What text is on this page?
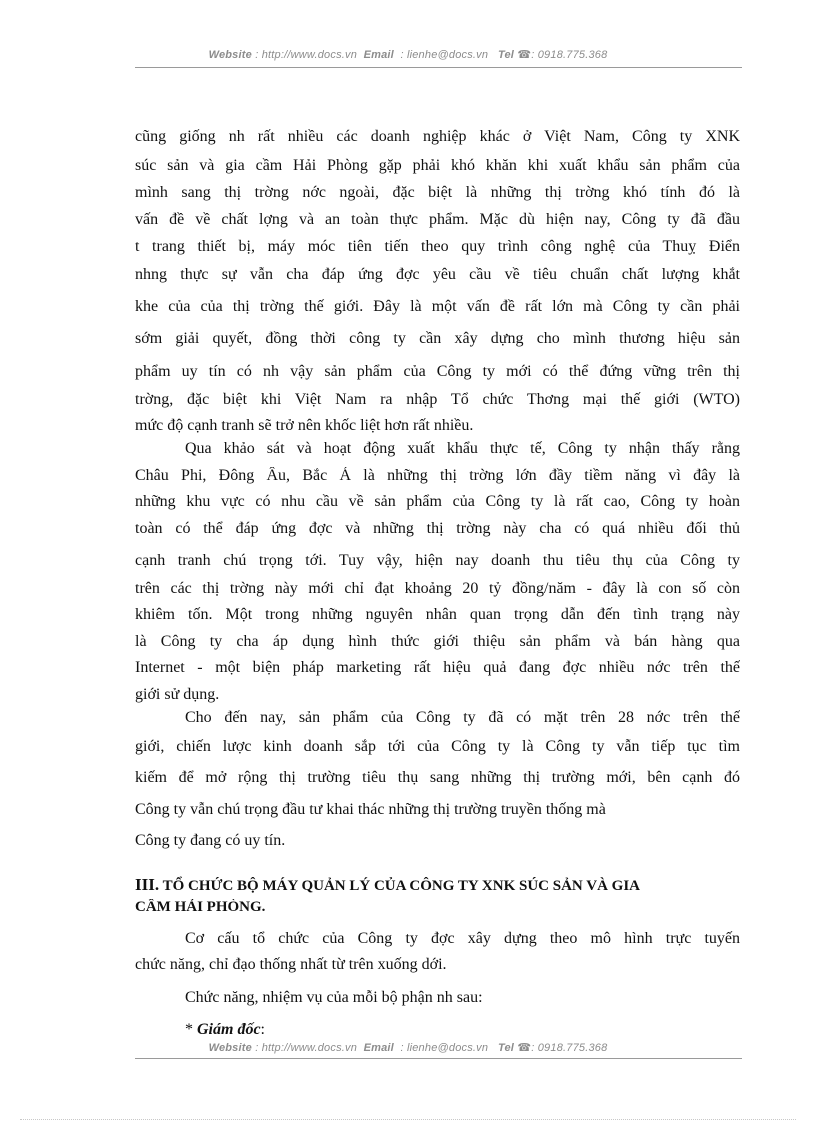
Website : http://www.docs.vn Email : lienhe@docs.vn Tel ☎: 0918.775.368
cũng giống nh rất nhiều các doanh nghiệp khác ở Việt Nam, Công ty XNK
súc sản và gia cầm Hải Phòng gặp phải khó khăn khi xuất khẩu sản phẩm của
mình sang thị trờng nớc ngoài, đặc biệt là những thị trờng khó tính đó là
vấn đề về chất lợng và an toàn thực phẩm. Mặc dù hiện nay, Công ty đã đầu
t trang thiết bị, máy móc tiên tiến theo quy trình công nghệ của Thuỵ Điển
nhng thực sự vẫn cha đáp ứng đợc yêu cầu về tiêu chuẩn chất lượng khắt
khe của của thị trờng thế giới. Đây là một vấn đề rất lớn mà Công ty cần phải
sớm giải quyết, đồng thời công ty cần xây dựng cho mình thương hiệu sản
phẩm uy tín có nh vậy sản phẩm của Công ty mới có thể đứng vững trên thị
trờng, đặc biệt khi Việt Nam ra nhập Tổ chức Thơng mại thế giới (WTO)
mức độ cạnh tranh sẽ trở nên khốc liệt hơn rất nhiều.
Qua khảo sát và hoạt động xuất khẩu thực tế, Công ty nhận thấy rằng
Châu Phi, Đông Âu, Bắc Á là những thị trờng lớn đầy tiềm năng vì đây là
những khu vực có nhu cầu về sản phẩm của Công ty là rất cao, Công ty hoàn
toàn có thể đáp ứng đợc và những thị trờng này cha có quá nhiều đối thủ
cạnh tranh chú trọng tới. Tuy vậy, hiện nay doanh thu tiêu thụ của Công ty
trên các thị trờng này mới chỉ đạt khoảng 20 tỷ đồng/năm - đây là con số còn
khiêm tốn. Một trong những nguyên nhân quan trọng dẫn đến tình trạng này
là Công ty cha áp dụng hình thức giới thiệu sản phẩm và bán hàng qua
Internet - một biện pháp marketing rất hiệu quả đang đợc nhiều nớc trên thế
giới sử dụng.
Cho đến nay, sản phẩm của Công ty đã có mặt trên 28 nớc trên thế
giới, chiến lược kinh doanh sắp tới của Công ty là Công ty vẫn tiếp tục tìm
kiếm để mở rộng thị trường tiêu thụ sang những thị trường mới, bên cạnh đó
Công ty vẫn chú trọng đầu tư khai thác những thị trường truyền thống mà
Công ty đang có uy tín.
III. TỔ CHỨC BỘ MÁY QUẢN LÝ CỦA CÔNG TY XNK SÚC SẢN VÀ GIA
CẦM HẢI PHÒNG.
Cơ cấu tổ chức của Công ty đợc xây dựng theo mô hình trực tuyến
chức năng, chỉ đạo thống nhất từ trên xuống dới.
Chức năng, nhiệm vụ của mỗi bộ phận nh sau:
* Giám đốc:
Website : http://www.docs.vn Email : lienhe@docs.vn Tel ☎: 0918.775.368
